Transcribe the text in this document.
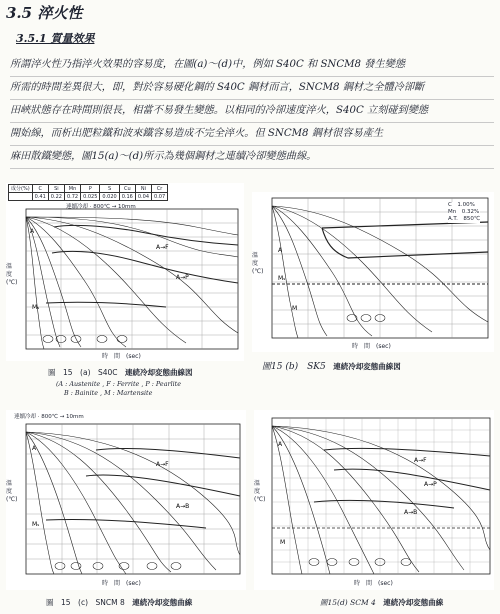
3.5 淬火性
3.5.1 質量效果
所謂淬火性乃指淬火效果的容易度，在圖(a)～(d)中，例如 S40C 和 SNCM8 發生變態
所需的時間差異很大，即，對於容易硬化鋼的 S40C 鋼材而言，SNCM8 鋼材之全體冷卻斷
田峽狀態存在時間則很長，相當不易發生變態。以相同的冷卻速度淬火，S40C 立刻碰到變態
開始線，而析出肥粒鐵和波來鐵容易造成不完全淬火。但 SNCM8 鋼材很容易產生
麻田散鐵變態，圖15(a)～(d)所示為幾個鋼材之連續冷卻變態曲線。
成分(%)	C	Si	Mn	P	S	Cu	Ni	Cr
	0.41	0.22	0.72	0.025	0.020	0.16	0.04	0.07
連續冷却 · 800℃ → 10mm
A
Mₛ
A→F
A→P
溫度(℃)
時　間　(sec)
圖　15　(a)　S40C　 連続冷却変態曲線図
(A : Austenite , F : Ferrite , P : Pearlite
B : Bainite , M : Martensite
A
Mₛ
M
C　1.00%
Mn　0.32%
A.T.　850℃
溫度(℃)
時　間　(sec)
圖15 (b)　SK5　 連続冷却変態曲線図
連續冷却 · 800℃ → 10mm
A
Mₛ
A→F
A→B
溫度(℃)
時　間　(sec)
圖　15　(c)　SNCM 8　 連続冷却変態曲線
A
A→F
A→P
A→B
M
溫度(℃)
時　間　(sec)
圖15(d) SCM 4　 連続冷却変態曲線
